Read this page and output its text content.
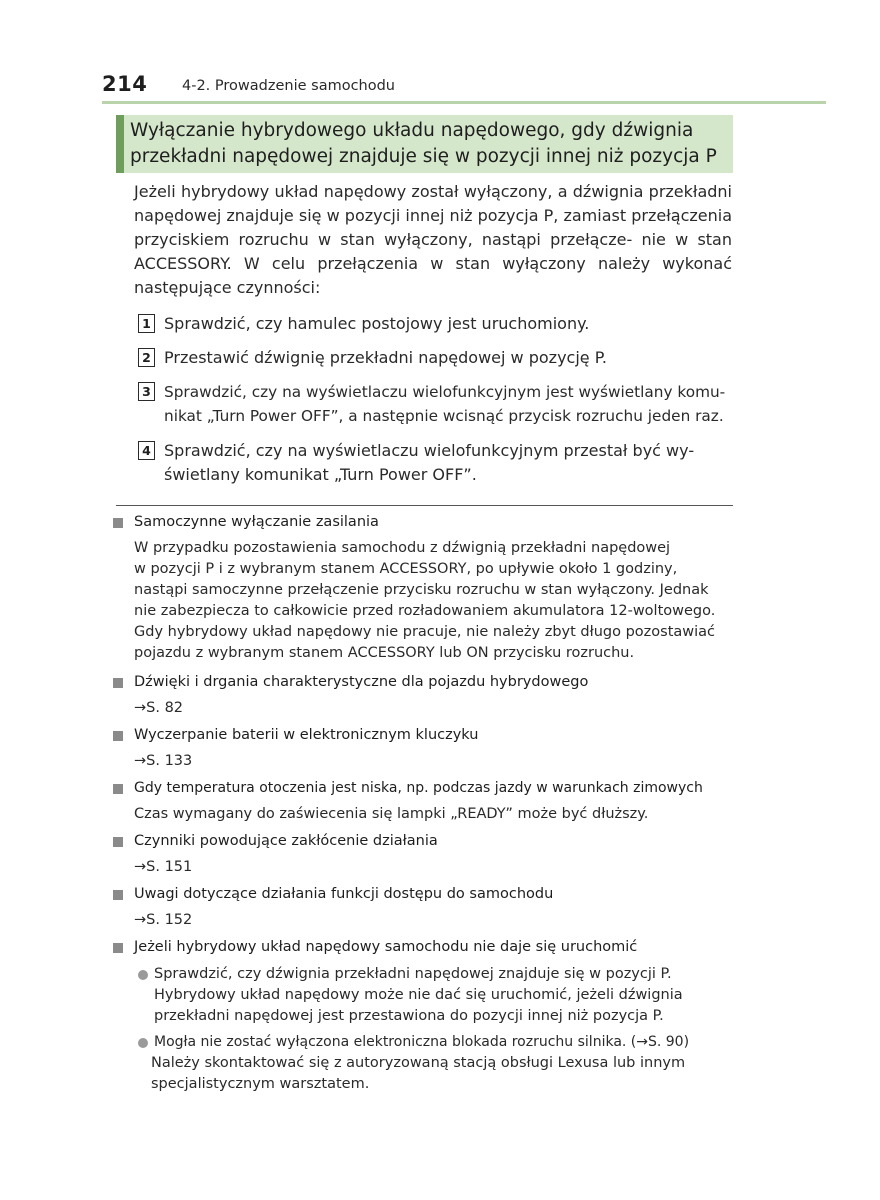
214 4-2. Prowadzenie samochodu
Wyłączanie hybrydowego układu napędowego, gdy dźwignia
przekładni napędowej znajduje się w pozycji innej niż pozycja P
Jeżeli hybrydowy układ napędowy został wyłączony, a dźwignia przekładni napędowej znajduje się w pozycji innej niż pozycja P, zamiast przełączenia przyciskiem rozruchu w stan wyłączony, nastąpi przełącze- nie w stan ACCESSORY. W celu przełączenia w stan wyłączony należy wykonać następujące czynności:
1 Sprawdzić, czy hamulec postojowy jest uruchomiony.
2 Przestawić dźwignię przekładni napędowej w pozycję P.
3 Sprawdzić, czy na wyświetlaczu wielofunkcyjnym jest wyświetlany komu-
nikat „Turn Power OFF”, a następnie wcisnąć przycisk rozruchu jeden raz.
4 Sprawdzić, czy na wyświetlaczu wielofunkcyjnym przestał być wy-
świetlany komunikat „Turn Power OFF”.
Samoczynne wyłączanie zasilania
W przypadku pozostawienia samochodu z dźwignią przekładni napędowej
w pozycji P i z wybranym stanem ACCESSORY, po upływie około 1 godziny,
nastąpi samoczynne przełączenie przycisku rozruchu w stan wyłączony. Jednak
nie zabezpiecza to całkowicie przed rozładowaniem akumulatora 12-woltowego.
Gdy hybrydowy układ napędowy nie pracuje, nie należy zbyt długo pozostawiać
pojazdu z wybranym stanem ACCESSORY lub ON przycisku rozruchu.
Dźwięki i drgania charakterystyczne dla pojazdu hybrydowego
→S. 82
Wyczerpanie baterii w elektronicznym kluczyku
→S. 133
Gdy temperatura otoczenia jest niska, np. podczas jazdy w warunkach zimowych
Czas wymagany do zaświecenia się lampki „READY” może być dłuższy.
Czynniki powodujące zakłócenie działania
→S. 151
Uwagi dotyczące działania funkcji dostępu do samochodu
→S. 152
Jeżeli hybrydowy układ napędowy samochodu nie daje się uruchomić
Sprawdzić, czy dźwignia przekładni napędowej znajduje się w pozycji P.
Hybrydowy układ napędowy może nie dać się uruchomić, jeżeli dźwignia
przekładni napędowej jest przestawiona do pozycji innej niż pozycja P.
Mogła nie zostać wyłączona elektroniczna blokada rozruchu silnika. (→S. 90)
Należy skontaktować się z autoryzowaną stacją obsługi Lexusa lub innym
specjalistycznym warsztatem.
